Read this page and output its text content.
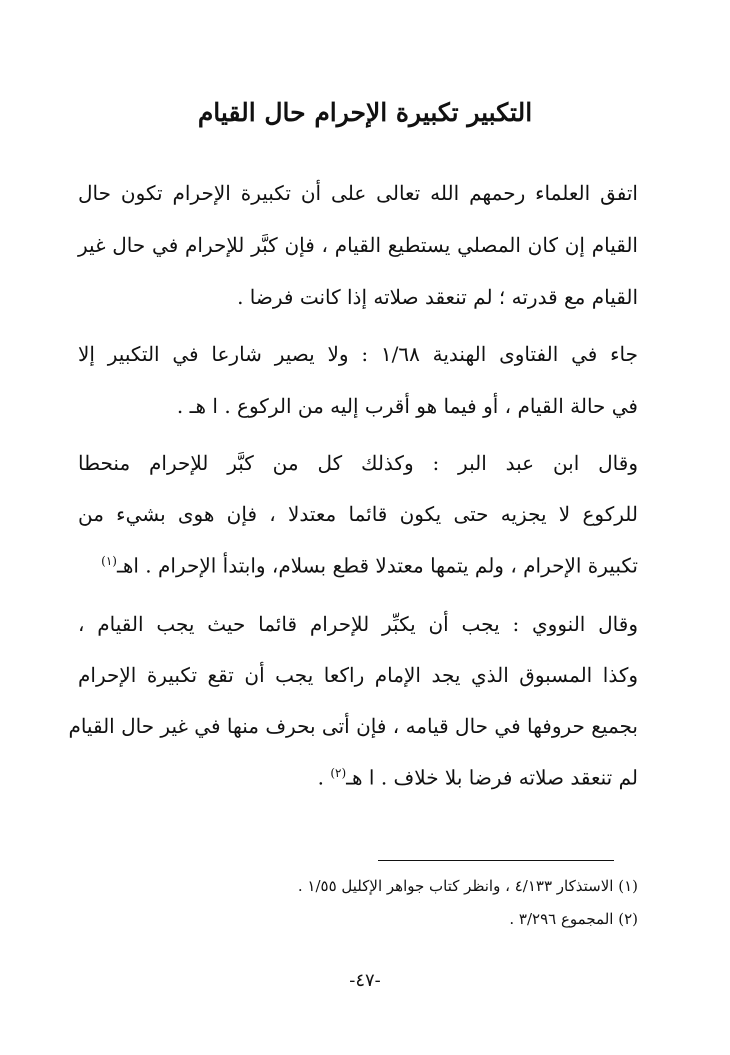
التكبير تكبيرة الإحرام حال القيام
اتفق العلماء رحمهم الله تعالى على أن تكبيرة الإحرام تكون حال
القيام إن كان المصلي يستطيع القيام ، فإن كبَّر للإحرام في حال غير
القيام مع قدرته ؛ لم تنعقد صلاته إذا كانت فرضا .
جاء في الفتاوى الهندية ١/٦٨ : ولا يصير شارعا في التكبير إلا
في حالة القيام ، أو فيما هو أقرب إليه من الركوع . ا هـ .
وقال ابن عبد البر : وكذلك كل من كبَّر للإحرام منحطا
للركوع لا يجزيه حتى يكون قائما معتدلا ، فإن هوى بشيء من
تكبيرة الإحرام ، ولم يتمها معتدلا قطع بسلام، وابتدأ الإحرام . اهـ$^{(١)}$
وقال النووي : يجب أن يكبِّر للإحرام قائما حيث يجب القيام ،
وكذا المسبوق الذي يجد الإمام راكعا يجب أن تقع تكبيرة الإحرام
بجميع حروفها في حال قيامه ، فإن أتى بحرف منها في غير حال القيام
لم تنعقد صلاته فرضا بلا خلاف . ا هـ$^{(٢)}$ .
(١) الاستذكار ٤/١٣٣ ، وانظر كتاب جواهر الإكليل ١/٥٥ .
(٢) المجموع ٣/٢٩٦ .
-٤٧-
